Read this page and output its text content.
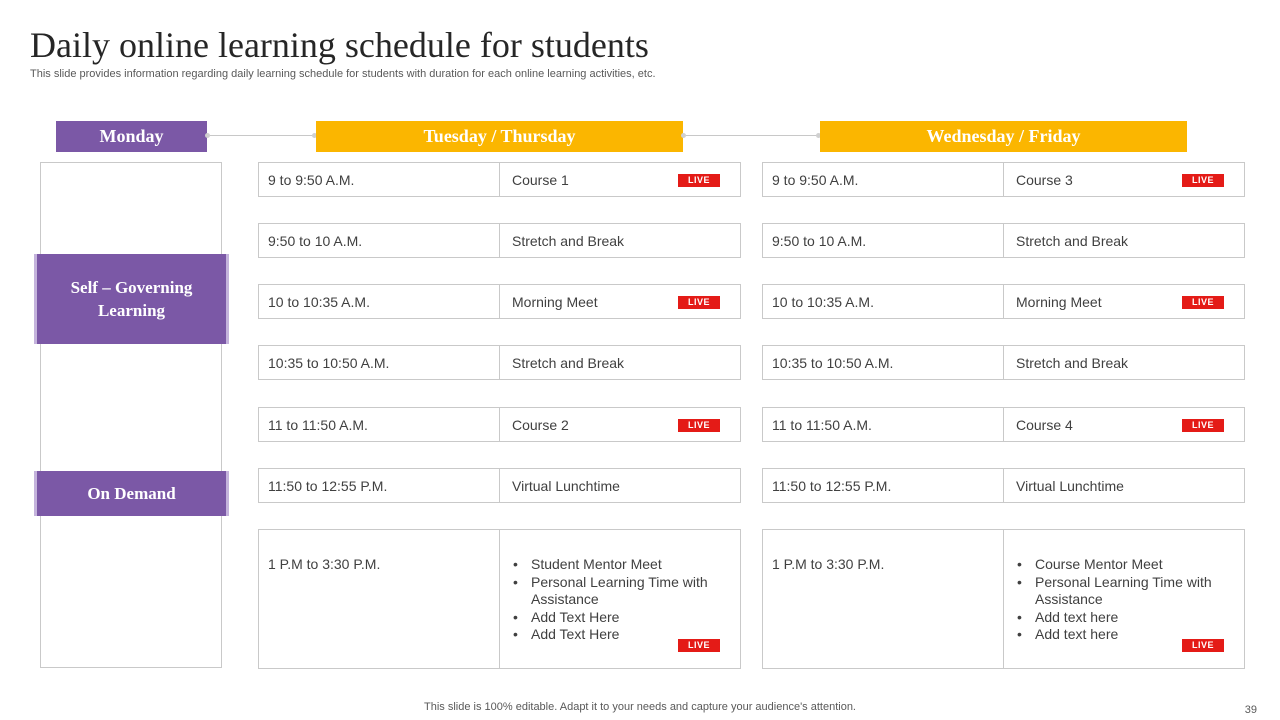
Daily online learning schedule for students
This slide provides information regarding daily learning schedule for students with duration for each online learning activities, etc.
Monday	Tuesday / Thursday	Wednesday / Friday
Self – Governing Learning
On Demand
9 to 9:50 A.M.	Course 1	LIVE
9:50 to 10 A.M.	Stretch and Break
10 to 10:35 A.M.	Morning Meet	LIVE
10:35 to 10:50 A.M.	Stretch and Break
11 to 11:50 A.M.	Course 2	LIVE
11:50 to 12:55 P.M.	Virtual Lunchtime
1 P.M to 3:30 P.M.	• Student Mentor Meet
• Personal Learning Time with Assistance
• Add Text Here
• Add Text Here
LIVE
9 to 9:50 A.M.	Course 3	LIVE
9:50 to 10 A.M.	Stretch and Break
10 to 10:35 A.M.	Morning Meet	LIVE
10:35 to 10:50 A.M.	Stretch and Break
11 to 11:50 A.M.	Course 4	LIVE
11:50 to 12:55 P.M.	Virtual Lunchtime
1 P.M to 3:30 P.M.	• Course Mentor Meet
• Personal Learning Time with Assistance
• Add text here
• Add text here
LIVE
This slide is 100% editable. Adapt it to your needs and capture your audience's attention.	39
